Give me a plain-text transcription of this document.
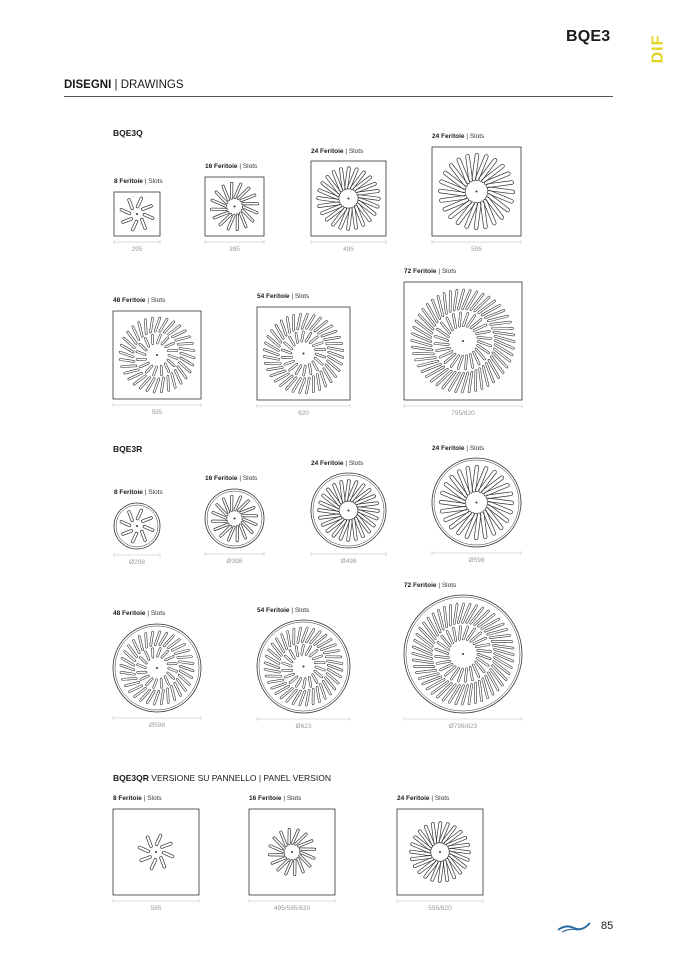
BQE3 DIF
DISEGNI | DRAWINGS
BQE3Q
BQE3R
BQE3QR VERSIONE SU PANNELLO | PANEL VERSION
8 Feritoie | Slots
295
16 Feritoie | Slots
395
24 Feritoie | Slots
495
24 Feritoie | Slots
595
48 Feritoie | Slots
595
54 Feritoie | Slots
620
72 Feritoie | Slots
795/820
8 Feritoie | Slots
Ø298
16 Feritoie | Slots
Ø398
24 Feritoie | Slots
Ø498
24 Feritoie | Slots
Ø598
48 Feritoie | Slots
Ø598
54 Feritoie | Slots
Ø623
72 Feritoie | Slots
Ø798/823
8 Feritoie | Slots
595
16 Feritoie | Slots
495/595/620
24 Feritoie | Slots
595/620
85
